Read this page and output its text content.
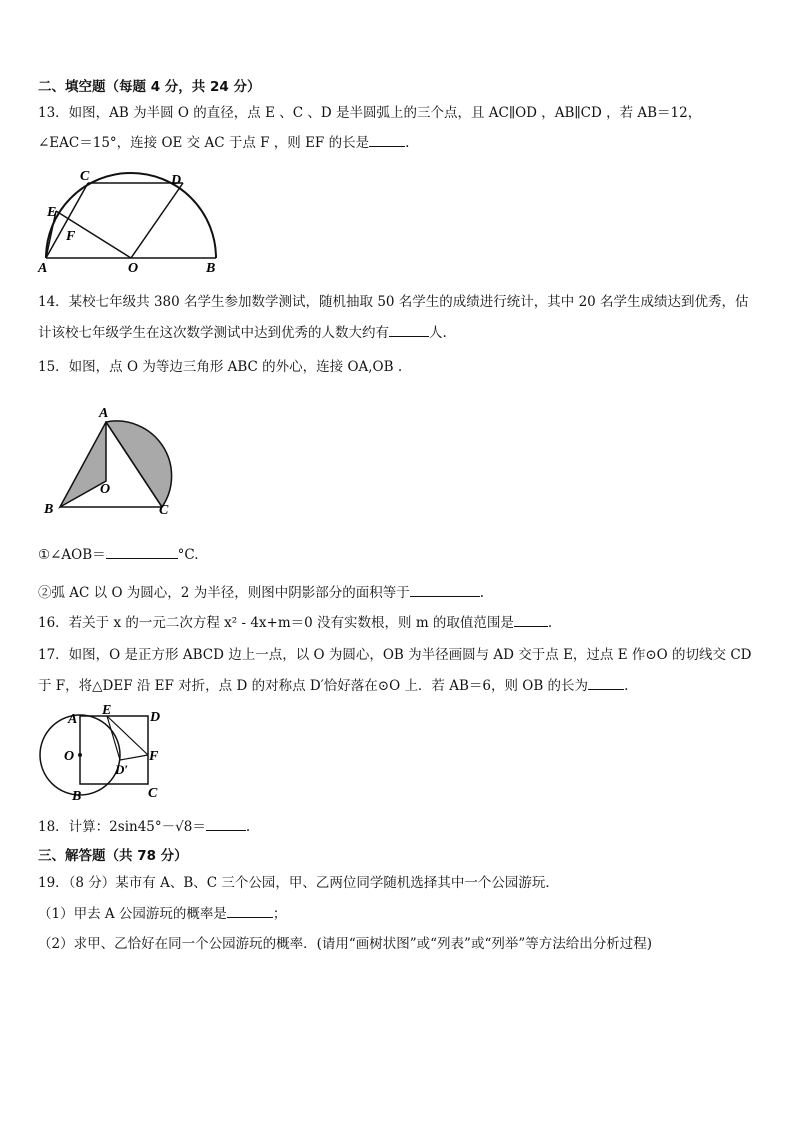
二、填空题（每题 4 分，共 24 分）
13．如图，AB 为半圆 O 的直径，点 E 、C 、D 是半圆弧上的三个点，且 AC∥OD ，AB∥CD ，若 AB＝12，
∠EAC＝15°，连接 OE 交 AC 于点 F ，则 EF 的长是	.
C	D
E
F
A	O	B
14．某校七年级共 380 名学生参加数学测试，随机抽取 50 名学生的成绩进行统计，其中 20 名学生成绩达到优秀，估
计该校七年级学生在这次数学测试中达到优秀的人数大约有	人.
15．如图，点 O 为等边三角形 ABC 的外心，连接 OA,OB .
A
B	C
O
①∠AOB＝	°C.
②弧 AC 以 O 为圆心，2 为半径，则图中阴影部分的面积等于	.
16．若关于 x 的一元二次方程 x² - 4x+m＝0 没有实数根，则 m 的取值范围是	.
17．如图，O 是正方形 ABCD 边上一点，以 O 为圆心，OB 为半径画圆与 AD 交于点 E，过点 E 作⊙O 的切线交 CD
于 F，将△DEF 沿 EF 对折，点 D 的对称点 D′恰好落在⊙O 上．若 AB＝6，则 OB 的长为	.
A
E	D
O	F
D′
B	C
18．计算：2sin45°－√8＝	.
三、解答题（共 78 分）
19．（8 分）某市有 A、B、C 三个公园，甲、乙两位同学随机选择其中一个公园游玩．
（1）甲去 A 公园游玩的概率是	；
（2）求甲、乙恰好在同一个公园游玩的概率．(请用“画树状图”或“列表”或“列举”等方法给出分析过程)
